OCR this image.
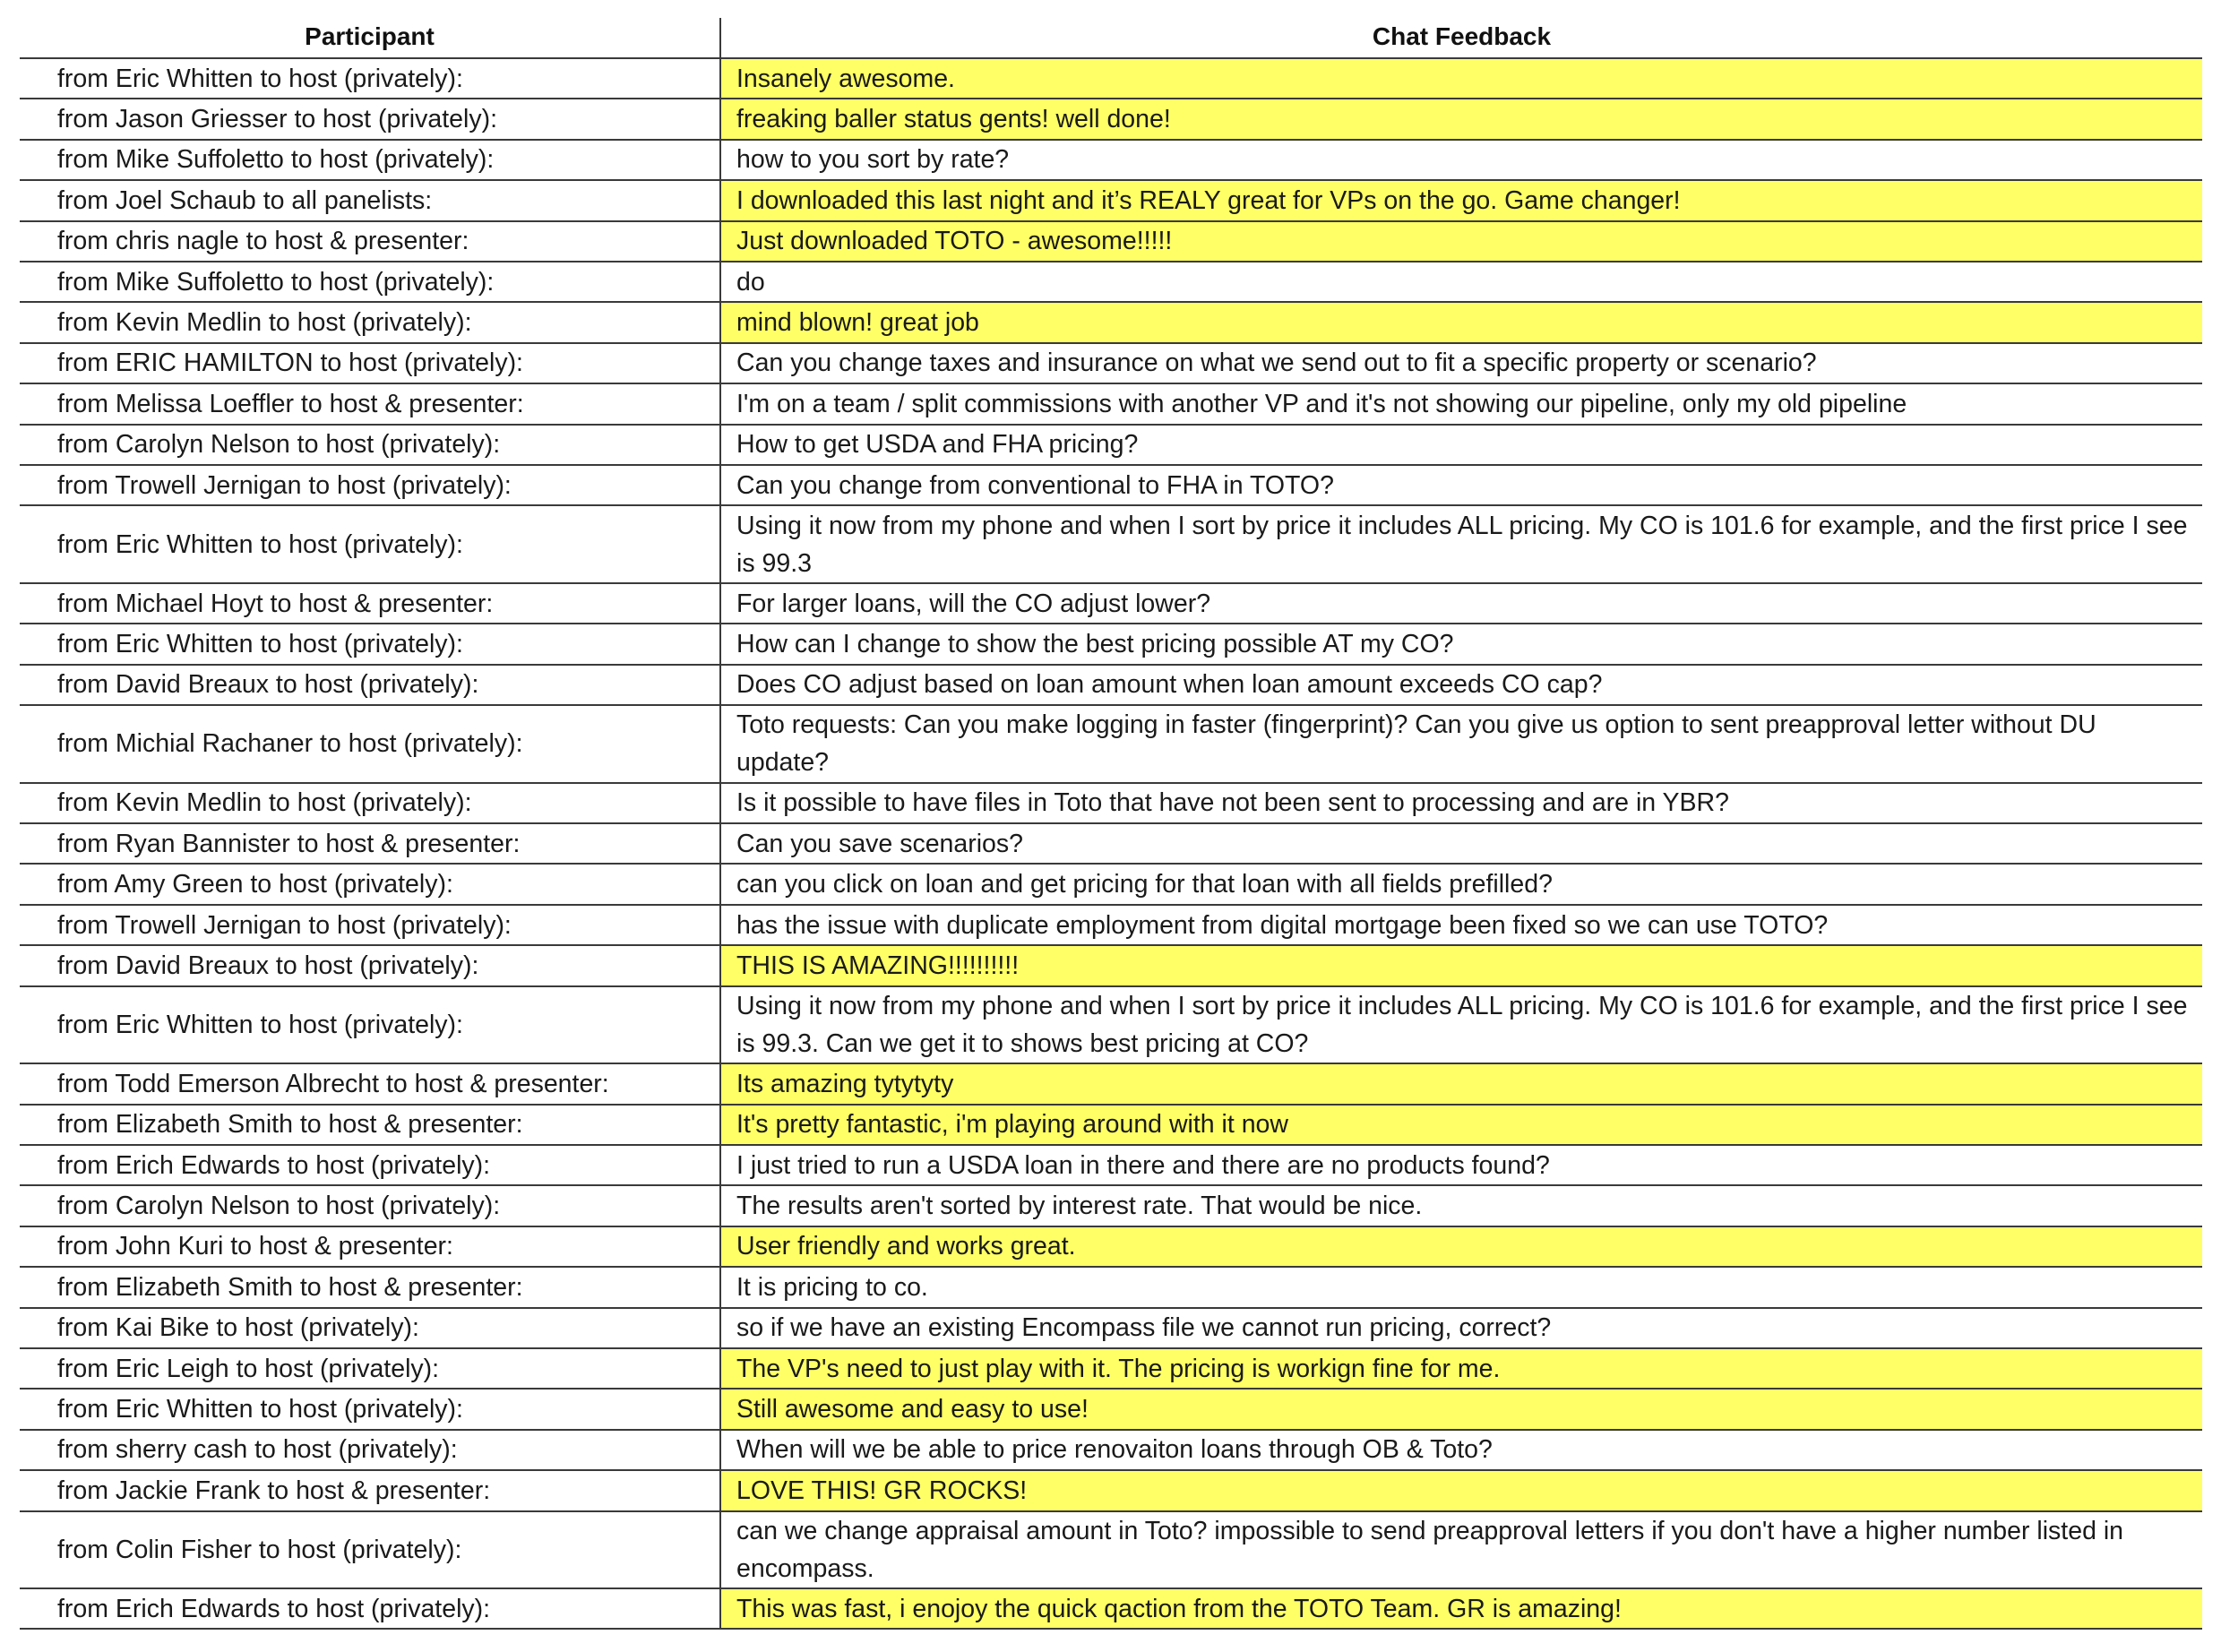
Participant	Chat Feedback
from Eric Whitten to host (privately):	Insanely awesome.
from Jason Griesser to host (privately):	freaking baller status gents! well done!
from Mike Suffoletto to host (privately):	how to you sort by rate?
from Joel Schaub to all panelists:	I downloaded this last night and it’s REALY great for VPs on the go. Game changer!
from chris nagle to host & presenter:	Just downloaded TOTO - awesome!!!!!
from Mike Suffoletto to host (privately):	do
from Kevin Medlin to host (privately):	mind blown! great job
from ERIC HAMILTON to host (privately):	Can you change taxes and insurance on what we send out to fit a specific property or scenario?
from Melissa Loeffler to host & presenter:	I'm on a team / split commissions with another VP and it's not showing our pipeline, only my old pipeline
from Carolyn Nelson to host (privately):	How to get USDA and FHA pricing?
from Trowell Jernigan to host (privately):	Can you change from conventional to FHA in TOTO?
from Eric Whitten to host (privately):	Using it now from my phone and when I sort by price it includes ALL pricing. My CO is 101.6 for example, and the first price I see is 99.3
from Michael Hoyt to host & presenter:	For larger loans, will the CO adjust lower?
from Eric Whitten to host (privately):	How can I change to show the best pricing possible AT my CO?
from David Breaux to host (privately):	Does CO adjust based on loan amount when loan amount exceeds CO cap?
from Michial Rachaner to host (privately):	Toto requests: Can you make logging in faster (fingerprint)? Can you give us option to sent preapproval letter without DU update?
from Kevin Medlin to host (privately):	Is it possible to have files in Toto that have not been sent to processing and are in YBR?
from Ryan Bannister to host & presenter:	Can you save scenarios?
from Amy Green to host (privately):	can you click on loan and get pricing for that loan with all fields prefilled?
from Trowell Jernigan to host (privately):	has the issue with duplicate employment from digital mortgage been fixed so we can use TOTO?
from David Breaux to host (privately):	THIS IS AMAZING!!!!!!!!!!
from Eric Whitten to host (privately):	Using it now from my phone and when I sort by price it includes ALL pricing. My CO is 101.6 for example, and the first price I see is 99.3. Can we get it to shows best pricing at CO?
from Todd Emerson Albrecht to host & presenter:	Its amazing tytytyty
from Elizabeth Smith to host & presenter:	It's pretty fantastic, i'm playing around with it now
from Erich Edwards to host (privately):	I just tried to run a USDA loan in there and there are no products found?
from Carolyn Nelson to host (privately):	The results aren't sorted by interest rate. That would be nice.
from John Kuri to host & presenter:	User friendly and works great.
from Elizabeth Smith to host & presenter:	It is pricing to co.
from Kai Bike to host (privately):	so if we have an existing Encompass file we cannot run pricing, correct?
from Eric Leigh to host (privately):	The VP's need to just play with it. The pricing is workign fine for me.
from Eric Whitten to host (privately):	Still awesome and easy to use!
from sherry cash to host (privately):	When will we be able to price renovaiton loans through OB & Toto?
from Jackie Frank to host & presenter:	LOVE THIS! GR ROCKS!
from Colin Fisher to host (privately):	can we change appraisal amount in Toto? impossible to send preapproval letters if you don't have a higher number listed in encompass.
from Erich Edwards to host (privately):	This was fast, i enojoy the quick qaction from the TOTO Team. GR is amazing!
